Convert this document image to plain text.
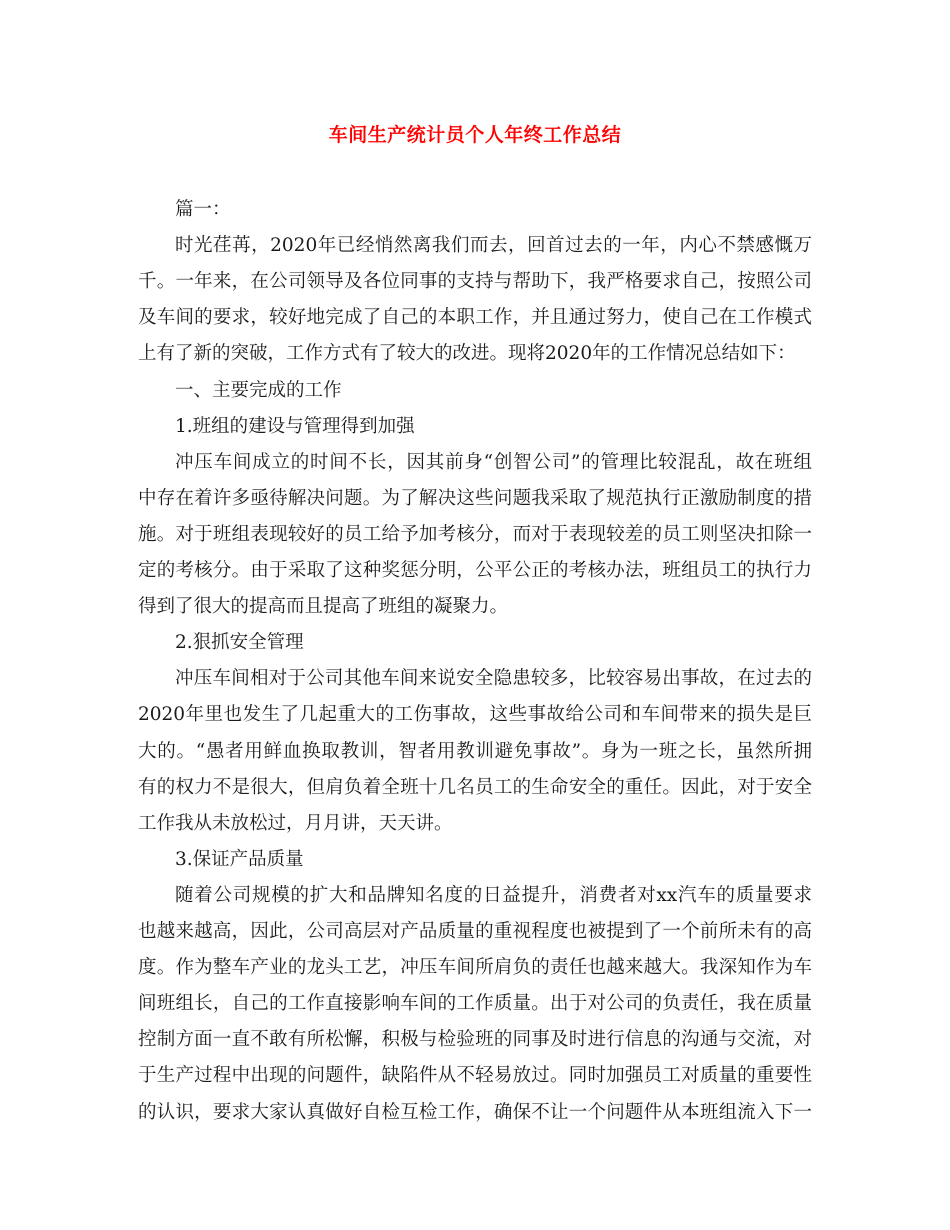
车间生产统计员个人年终工作总结
篇一：
时光荏苒，2020年已经悄然离我们而去，回首过去的一年，内心不禁感慨万
千。一年来，在公司领导及各位同事的支持与帮助下，我严格要求自己，按照公司
及车间的要求，较好地完成了自己的本职工作，并且通过努力，使自己在工作模式
上有了新的突破，工作方式有了较大的改进。现将2020年的工作情况总结如下：
一、主要完成的工作
1.班组的建设与管理得到加强
冲压车间成立的时间不长，因其前身“创智公司”的管理比较混乱，故在班组
中存在着许多亟待解决问题。为了解决这些问题我采取了规范执行正激励制度的措
施。对于班组表现较好的员工给予加考核分，而对于表现较差的员工则坚决扣除一
定的考核分。由于采取了这种奖惩分明，公平公正的考核办法，班组员工的执行力
得到了很大的提高而且提高了班组的凝聚力。
2.狠抓安全管理
冲压车间相对于公司其他车间来说安全隐患较多，比较容易出事故，在过去的
2020年里也发生了几起重大的工伤事故，这些事故给公司和车间带来的损失是巨
大的。“愚者用鲜血换取教训，智者用教训避免事故”。身为一班之长，虽然所拥
有的权力不是很大，但肩负着全班十几名员工的生命安全的重任。因此，对于安全
工作我从未放松过，月月讲，天天讲。
3.保证产品质量
随着公司规模的扩大和品牌知名度的日益提升，消费者对xx汽车的质量要求
也越来越高，因此，公司高层对产品质量的重视程度也被提到了一个前所未有的高
度。作为整车产业的龙头工艺，冲压车间所肩负的责任也越来越大。我深知作为车
间班组长，自己的工作直接影响车间的工作质量。出于对公司的负责任，我在质量
控制方面一直不敢有所松懈，积极与检验班的同事及时进行信息的沟通与交流，对
于生产过程中出现的问题件，缺陷件从不轻易放过。同时加强员工对质量的重要性
的认识，要求大家认真做好自检互检工作，确保不让一个问题件从本班组流入下一
